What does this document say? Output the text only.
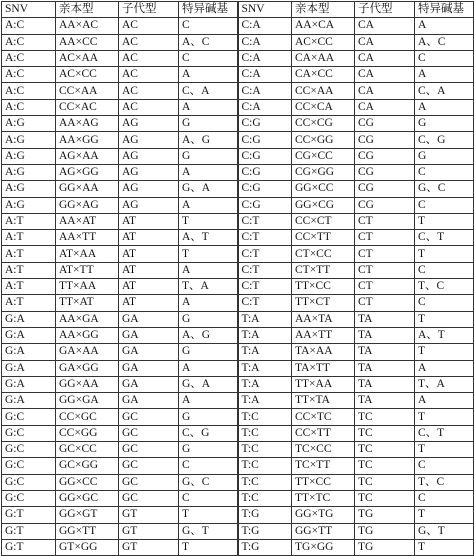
SNV	亲本型	子代型	特异碱基	SNV	亲本型	子代型	特异碱基
A:C	AA×AC	AC	C	C:A	AA×CA	CA	A
A:C	AA×CC	AC	A、C	C:A	AC×CC	CA	A、C
A:C	AC×AA	AC	C	C:A	CA×AA	CA	C
A:C	AC×CC	AC	A	C:A	CA×CC	CA	A
A:C	CC×AA	AC	C、A	C:A	CC×AA	CA	C、A
A:C	CC×AC	AC	A	C:A	CC×CA	CA	A
A:G	AA×AG	AG	G	C:G	CC×CG	CG	G
A:G	AA×GG	AG	A、G	C:G	CC×GG	CG	C、G
A:G	AG×AA	AG	G	C:G	CG×CC	CG	G
A:G	AG×GG	AG	A	C:G	CG×GG	CG	C
A:G	GG×AA	AG	G、A	C:G	GG×CC	CG	G、C
A:G	GG×AG	AG	A	C:G	GG×CG	CG	C
A:T	AA×AT	AT	T	C:T	CC×CT	CT	T
A:T	AA×TT	AT	A、T	C:T	CC×TT	CT	C、T
A:T	AT×AA	AT	T	C:T	CT×CC	CT	T
A:T	AT×TT	AT	A	C:T	CT×TT	CT	C
A:T	TT×AA	AT	T、A	C:T	TT×CC	CT	T、C
A:T	TT×AT	AT	A	C:T	TT×CT	CT	C
G:A	AA×GA	GA	G	T:A	AA×TA	TA	T
G:A	AA×GG	GA	A、G	T:A	AA×TT	TA	A、T
G:A	GA×AA	GA	G	T:A	TA×AA	TA	T
G:A	GA×GG	GA	A	T:A	TA×TT	TA	A
G:A	GG×AA	GA	G、A	T:A	TT×AA	TA	T、A
G:A	GG×GA	GA	A	T:A	TT×TA	TA	A
G:C	CC×GC	GC	G	T:C	CC×TC	TC	T
G:C	CC×GG	GC	C、G	T:C	CC×TT	TC	C、T
G:C	GC×CC	GC	G	T:C	TC×CC	TC	T
G:C	GC×GG	GC	C	T:C	TC×TT	TC	C
G:C	GG×CC	GC	G、C	T:C	TT×CC	TC	T、C
G:C	GG×GC	GC	C	T:C	TT×TC	TC	C
G:T	GG×GT	GT	T	T:G	GG×TG	TG	T
G:T	GG×TT	GT	G、T	T:G	GG×TT	TG	G、T
G:T	GT×GG	GT	T	T:G	TG×GG	TG	T
